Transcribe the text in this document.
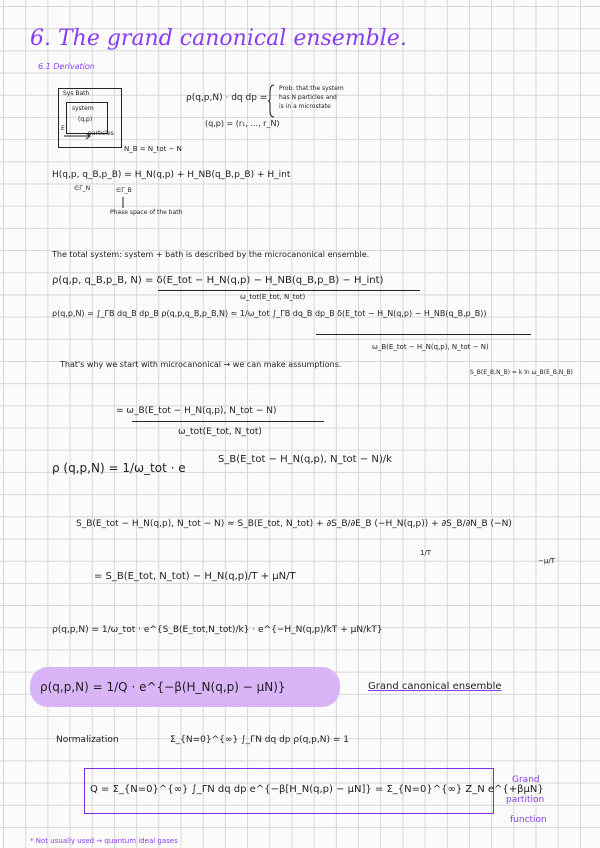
6. The grand canonical ensemble.
6.1 Derivation
Sys Bath
system
(q,p)
particles
E
N_B = N_tot − N
ρ(q,p,N) · dq dp =
Prob. that the system
has N particles and
is in a microstate
(q,p) = (r₁, ..., r_N)
H(q,p, q_B,p_B) = H_N(q,p) + H_NB(q_B,p_B) + H_int
∈Γ_N	∈Γ_B
Phase space of the bath
The total system: system + bath is described by the microcanonical ensemble.
ρ(q,p, q_B,p_B, N) = δ(E_tot − H_N(q,p) − H_NB(q_B,p_B) − H_int)
ω_tot(E_tot, N_tot)
ρ(q,p,N) = ∫_ΓB dq_B dp_B ρ(q,p,q_B,p_B,N) ≈ 1/ω_tot ∫_ΓB dq_B dp_B δ(E_tot − H_N(q,p) − H_NB(q_B,p_B))
ω_B(E_tot − H_N(q,p), N_tot − N)
That's why we start with microcanonical → we can make assumptions.
S_B(E_B,N_B) = k ln ω_B(E_B,N_B)
= ω_B(E_tot − H_N(q,p), N_tot − N)
ω_tot(E_tot, N_tot)
ρ (q,p,N) = 1/ω_tot · e
S_B(E_tot − H_N(q,p), N_tot − N)/k
S_B(E_tot − H_N(q,p), N_tot − N) ≈ S_B(E_tot, N_tot) + ∂S_B/∂E_B (−H_N(q,p)) + ∂S_B/∂N_B (−N)
1/T
−μ/T
= S_B(E_tot, N_tot) − H_N(q,p)/T + μN/T
ρ(q,p,N) = 1/ω_tot · e^{S_B(E_tot,N_tot)/k} · e^{−H_N(q,p)/kT + μN/kT}
ρ(q,p,N) = 1/Q · e^{−β(H_N(q,p) − μN)}	Grand canonical ensemble
Normalization	Σ_{N=0}^{∞} ∫_ΓN dq dp ρ(q,p,N) = 1
Q = Σ_{N=0}^{∞} ∫_ΓN dq dp e^{−β[H_N(q,p) − μN]} = Σ_{N=0}^{∞} Z_N e^{+βμN}
Grand
partition
function
* Not usually used → quantum ideal gases
